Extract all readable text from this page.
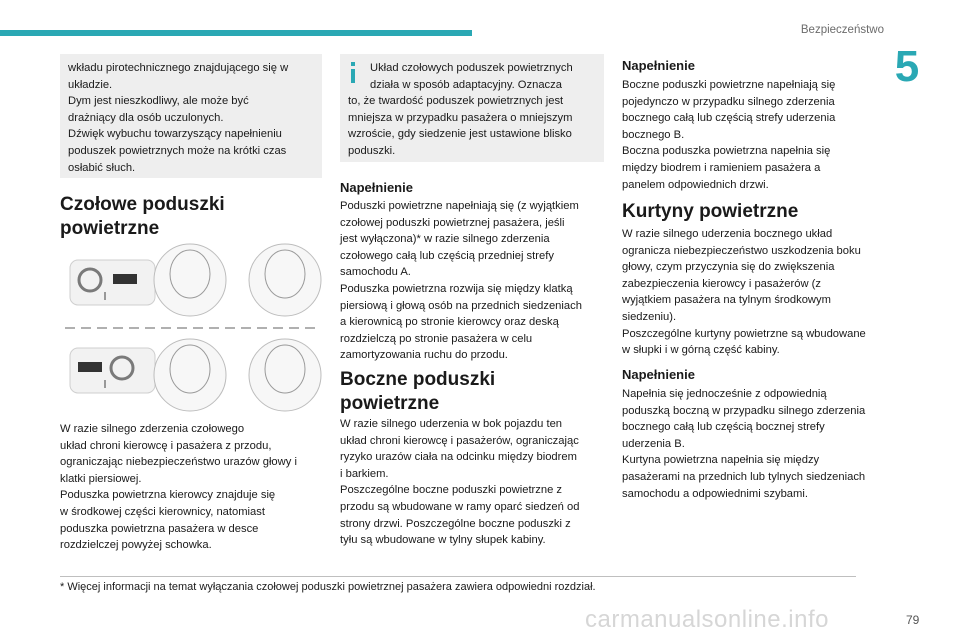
Bezpieczeństwo
5

wkładu pirotechnicznego znajdującego się w

układzie.

Dym jest nieszkodliwy, ale może być

drażniący dla osób uczulonych.

Dźwięk wybuchu towarzyszący napełnieniu

poduszek powietrznych może na krótki czas

osłabić słuch.

Czołowe poduszki

powietrzne

W razie silnego zderzenia czołowego

układ chroni kierowcę i pasażera z przodu,

ograniczając niebezpieczeństwo urazów głowy i

klatki piersiowej.

Poduszka powietrzna kierowcy znajduje się

w środkowej części kierownicy, natomiast

poduszka powietrzna pasażera w desce

rozdzielczej powyżej schowka.

Układ czołowych poduszek powietrznych

działa w sposób adaptacyjny. Oznacza

to, że twardość poduszek powietrznych jest

mniejsza w przypadku pasażera o mniejszym

wzroście, gdy siedzenie jest ustawione blisko

poduszki.

Napełnienie

Poduszki powietrzne napełniają się (z wyjątkiem

czołowej poduszki powietrznej pasażera, jeśli

jest wyłączona)* w razie silnego zderzenia

czołowego całą lub częścią przedniej strefy

samochodu A.

Poduszka powietrzna rozwija się między klatką

piersiową i głową osób na przednich siedzeniach

a kierownicą po stronie kierowcy oraz deską

rozdzielczą po stronie pasażera w celu

zamortyzowania ruchu do przodu.

Boczne poduszki

powietrzne

W razie silnego uderzenia w bok pojazdu ten

układ chroni kierowcę i pasażerów, ograniczając

ryzyko urazów ciała na odcinku między biodrem

i barkiem.

Poszczególne boczne poduszki powietrzne z

przodu są wbudowane w ramy oparć siedzeń od

strony drzwi. Poszczególne boczne poduszki z

tyłu są wbudowane w tylny słupek kabiny.

Napełnienie

Boczne poduszki powietrzne napełniają się

pojedynczo w przypadku silnego zderzenia

bocznego całą lub częścią strefy uderzenia

bocznego B.

Boczna poduszka powietrzna napełnia się

między biodrem i ramieniem pasażera a

panelem odpowiednich drzwi.

Kurtyny powietrzne

W razie silnego uderzenia bocznego układ

ogranicza niebezpieczeństwo uszkodzenia boku

głowy, czym przyczynia się do zwiększenia

zabezpieczenia kierowcy i pasażerów (z

wyjątkiem pasażera na tylnym środkowym

siedzeniu).

Poszczególne kurtyny powietrzne są wbudowane

w słupki i w górną część kabiny.

Napełnienie

Napełnia się jednocześnie z odpowiednią

poduszką boczną w przypadku silnego zderzenia

bocznego całą lub częścią bocznej strefy

uderzenia B.

Kurtyna powietrzna napełnia się między

pasażerami na przednich lub tylnych siedzeniach

samochodu a odpowiednimi szybami.

* Więcej informacji na temat wyłączania czołowej poduszki powietrznej pasażera zawiera odpowiedni rozdział.
carmanualsonline.info	79
